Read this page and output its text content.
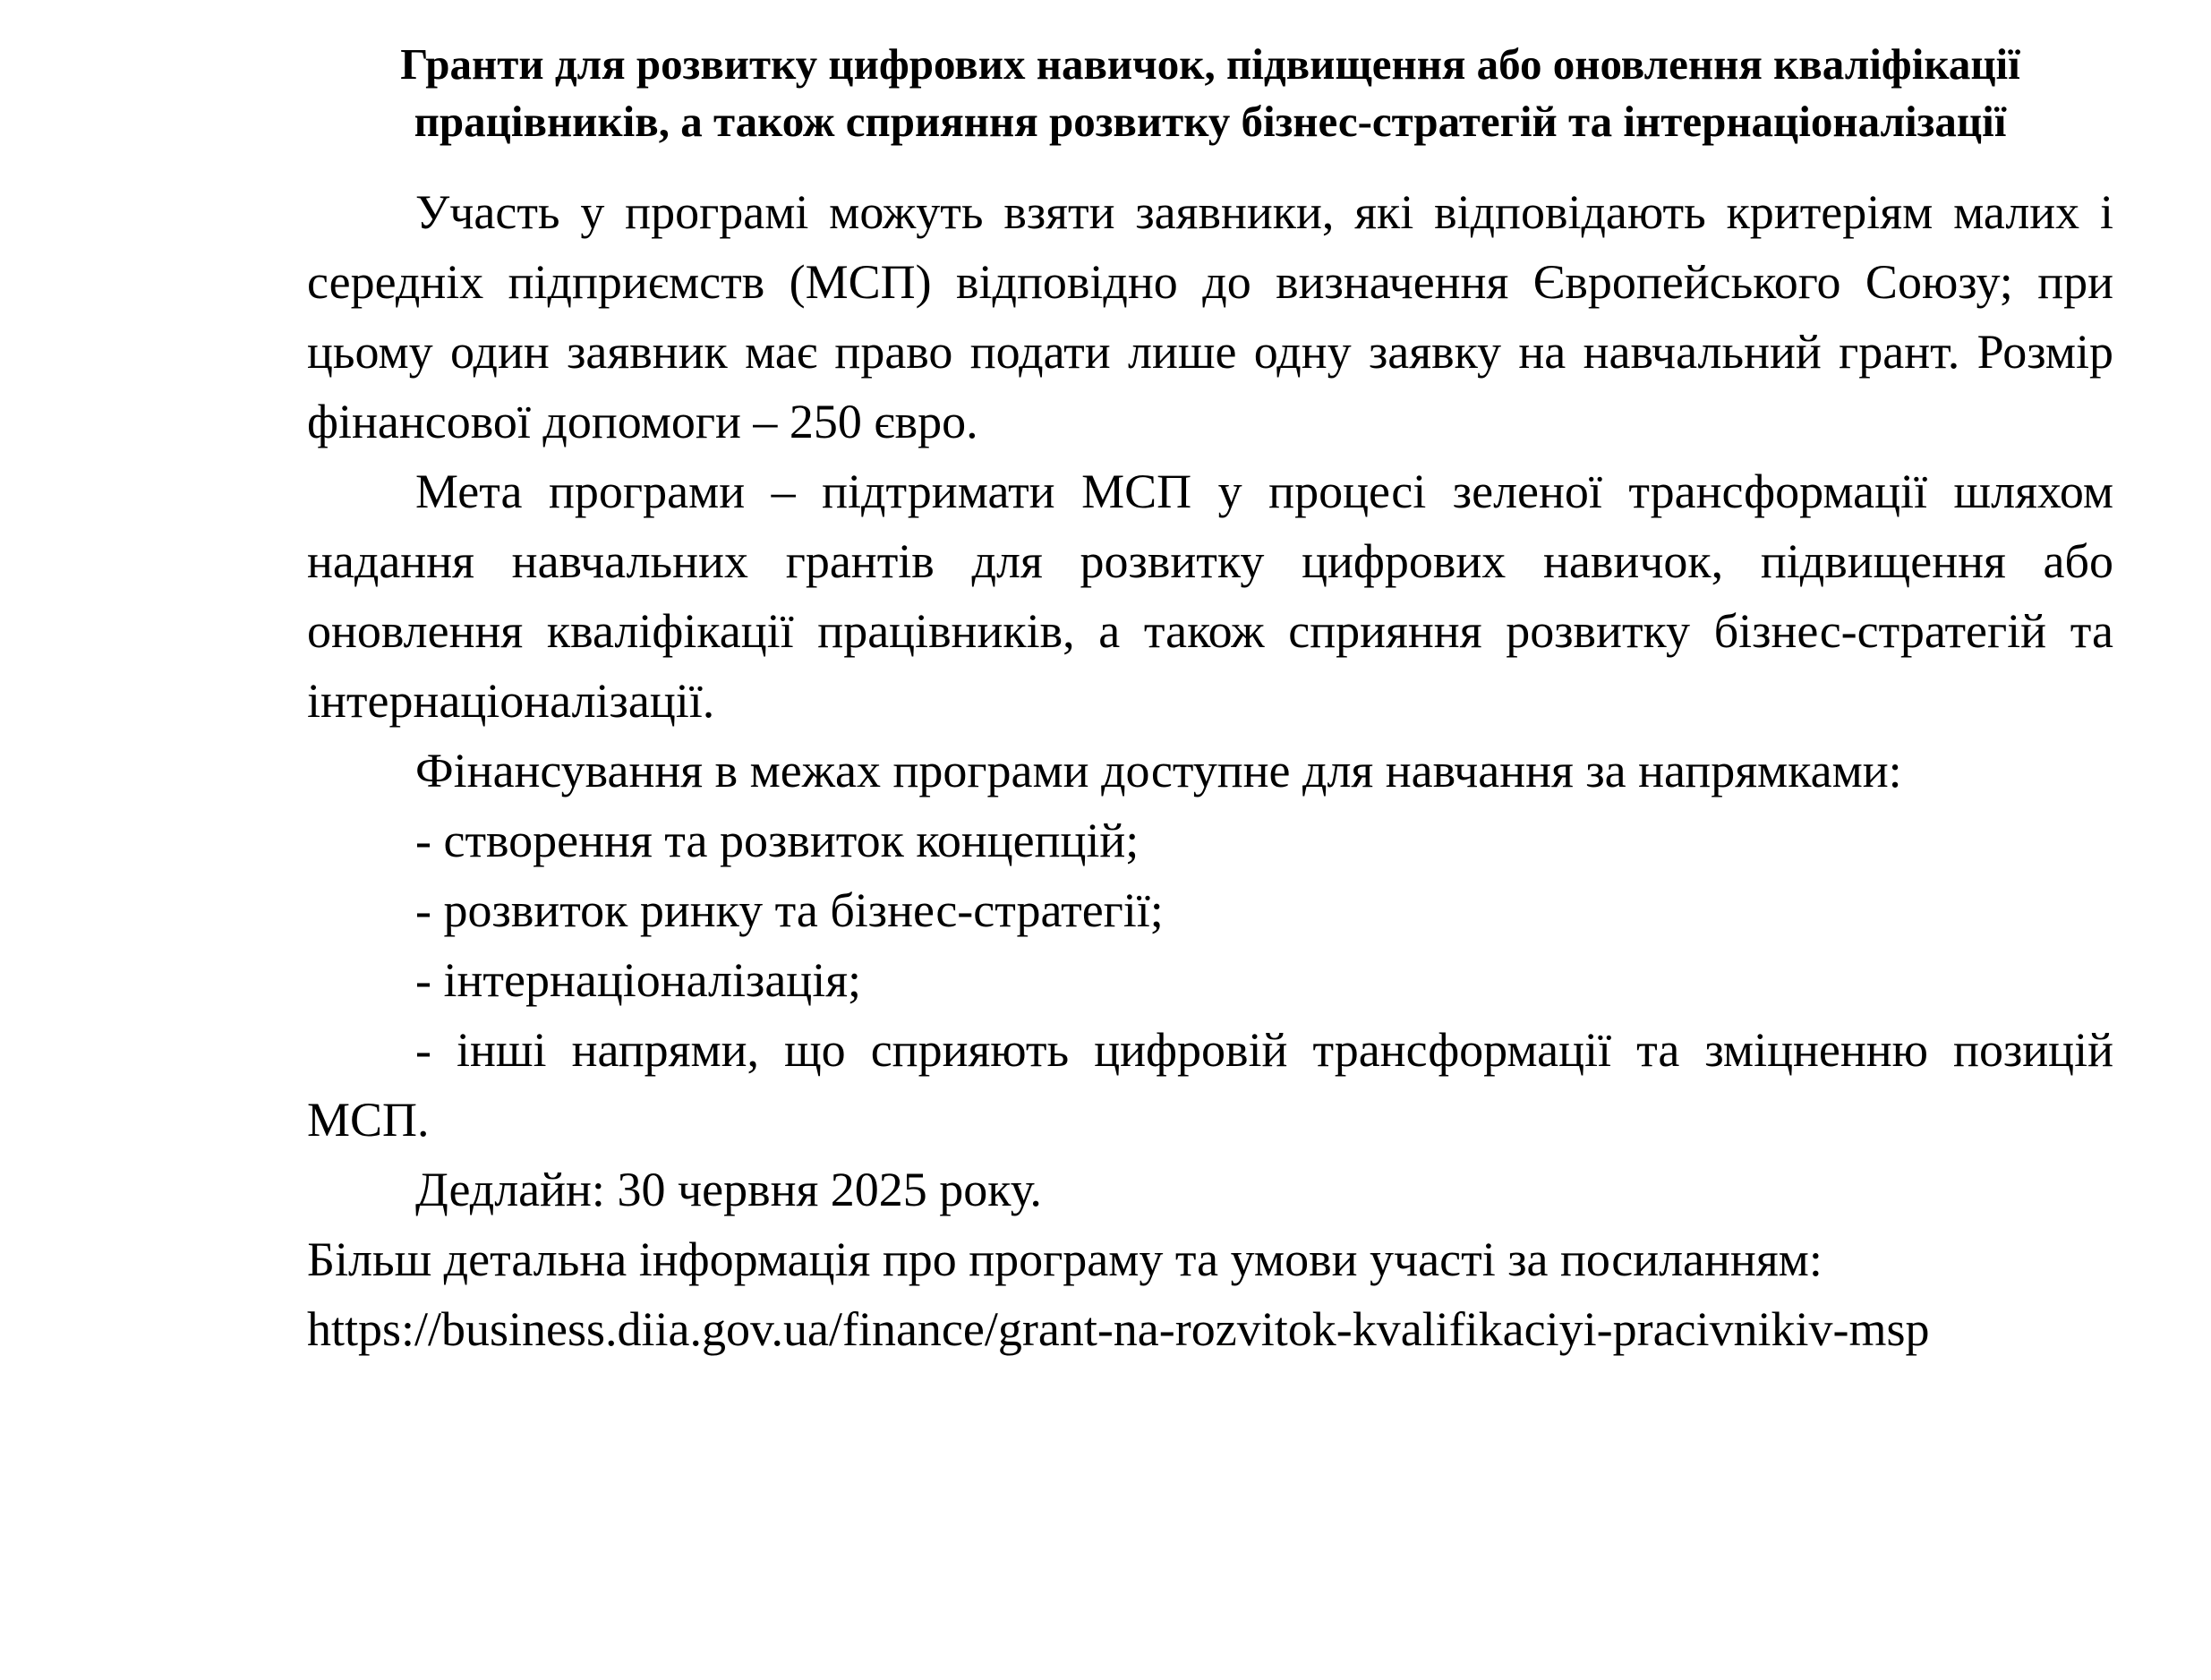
Гранти для розвитку цифрових навичок, підвищення або оновлення кваліфікації працівників, а також сприяння розвитку бізнес-стратегій та інтернаціоналізації

Участь у програмі можуть взяти заявники, які відповідають критеріям малих і середніх підприємств (МСП) відповідно до визначення Європейського Союзу; при цьому один заявник має право подати лише одну заявку на навчальний грант. Розмір фінансової допомоги – 250 євро.

Мета програми – підтримати МСП у процесі зеленої трансформації шляхом надання навчальних грантів для розвитку цифрових навичок, підвищення або оновлення кваліфікації працівників, а також сприяння розвитку бізнес-стратегій та інтернаціоналізації.

Фінансування в межах програми доступне для навчання за напрямками:

- створення та розвиток концепцій;

- розвиток ринку та бізнес-стратегії;

- інтернаціоналізація;

- інші напрями, що сприяють цифровій трансформації та зміцненню позицій МСП.

Дедлайн: 30 червня 2025 року.

Більш детальна інформація про програму та умови участі за посиланням:

https://business.diia.gov.ua/finance/grant-na-rozvitok-kvalifikaciyi-pracivnikiv-msp
